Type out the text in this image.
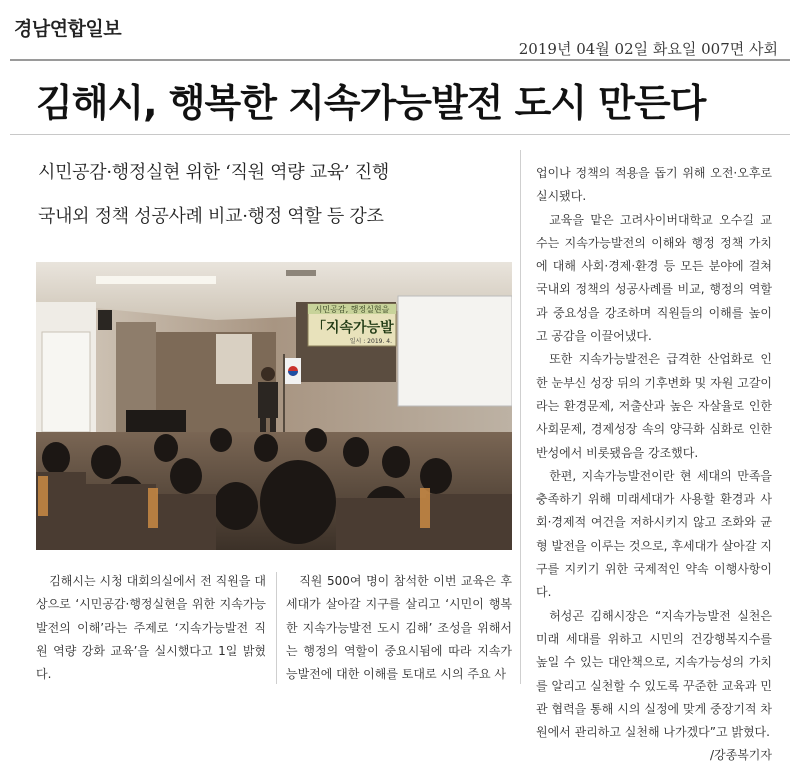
경남연합일보
2019년 04월 02일 화요일 007면 사회
김해시, 행복한 지속가능발전 도시 만든다
시민공감·행정실현 위한 ‘직원 역량 교육’ 진행
국내외 정책 성공사례 비교·행정 역할 등 강조
시민공감, 행정실현을
「지속가능발
일시 : 2019. 4.
김해시는 시청 대회의실에서 전 직원을 대상으로 ‘시민공감·행정실현을 위한 지속가능발전의 이해’라는 주제로 ‘지속가능발전 직원 역량 강화 교육’을 실시했다고 1일 밝혔다.
직원 500여 명이 참석한 이번 교육은 후세대가 살아갈 지구를 살리고 ‘시민이 행복한 지속가능발전 도시 김해’ 조성을 위해서는 행정의 역할이 중요시됨에 따라 지속가능발전에 대한 이해를 토대로 시의 주요 사

업이나 정책의 적용을 돕기 위해 오전·오후로 실시됐다.

교육을 맡은 고려사이버대학교 오수길 교수는 지속가능발전의 이해와 행정 정책 가치에 대해 사회·경제·환경 등 모든 분야에 걸쳐 국내외 정책의 성공사례를 비교, 행정의 역할과 중요성을 강조하며 직원들의 이해를 높이고 공감을 이끌어냈다.

또한 지속가능발전은 급격한 산업화로 인한 눈부신 성장 뒤의 기후변화 및 자원 고갈이라는 환경문제, 저출산과 높은 자살율로 인한 사회문제, 경제성장 속의 양극화 심화로 인한 반성에서 비롯됐음을 강조했다.

한편, 지속가능발전이란 현 세대의 만족을 충족하기 위해 미래세대가 사용할 환경과 사회·경제적 여건을 저하시키지 않고 조화와 균형 발전을 이루는 것으로, 후세대가 살아갈 지구를 지키기 위한 국제적인 약속 이행사항이다.

허성곤 김해시장은 “지속가능발전 실천은 미래 세대를 위하고 시민의 건강행복지수를 높일 수 있는 대안책으로, 지속가능성의 가치를 알리고 실천할 수 있도록 꾸준한 교육과 민관 협력을 통해 시의 실정에 맞게 중장기적 차원에서 관리하고 실천해 나가겠다”고 밝혔다.

/강종복기자
